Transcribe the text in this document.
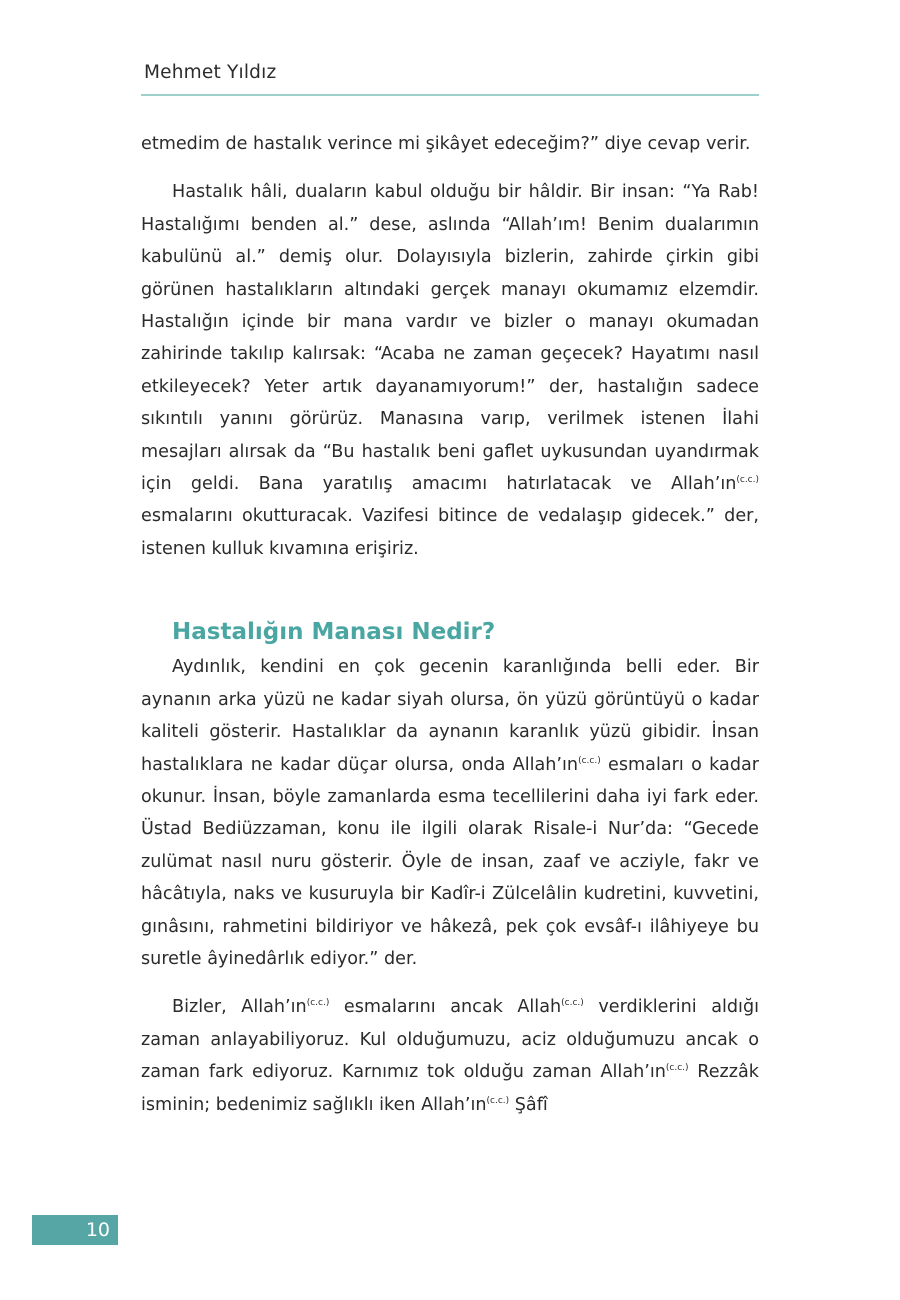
Mehmet Yıldız

etmedim de hastalık verince mi şikâyet edeceğim?” diye cevap verir.

Hastalık hâli, duaların kabul olduğu bir hâldir. Bir insan: “Ya Rab! Hastalığımı benden al.” dese, aslında “Allah’ım! Benim dualarımın kabulünü al.” demiş olur. Dolayısıyla bizlerin, zahirde çirkin gibi görünen hastalıkların altındaki gerçek manayı okumamız elzemdir. Hastalığın içinde bir mana vardır ve bizler o manayı okumadan zahirinde takılıp kalırsak: “Acaba ne zaman geçecek? Hayatımı nasıl etkileyecek? Yeter artık dayanamıyorum!” der, hastalığın sadece sıkıntılı yanını görürüz. Manasına varıp, verilmek istenen İlahi mesajları alırsak da “Bu hastalık beni gaflet uykusundan uyandırmak için geldi. Bana yaratılış amacımı hatırlatacak ve $Allah’ın^{(c.c.)}$ esmalarını okutturacak. Vazifesi bitince de vedalaşıp gidecek.” der, istenen kulluk kıvamına erişiriz.

Hastalığın Manası Nedir?

Aydınlık, kendini en çok gecenin karanlığında belli eder. Bir aynanın arka yüzü ne kadar siyah olursa, ön yüzü görüntüyü o kadar kaliteli gösterir. Hastalıklar da aynanın karanlık yüzü gibidir. İnsan hastalıklara ne kadar düçar olursa, onda $Allah’ın^{(c.c.)}$ esmaları o kadar okunur. İnsan, böyle zamanlarda esma tecellilerini daha iyi fark eder. Üstad Bediüzzaman, konu ile ilgili olarak Risale-i Nur’da: “Gecede zulümat nasıl nuru gösterir. Öyle de insan, zaaf ve acziyle, fakr ve hâcâtıyla, naks ve kusuruyla bir Kadîr-i Zülcelâlin kudretini, kuvvetini, gınâsını, rahmetini bildiriyor ve hâkezâ, pek çok evsâf-ı ilâhiyeye bu suretle âyinedârlık ediyor.” der.

Bizler, $Allah’ın^{(c.c.)}$ esmalarını ancak Allah$^{(c.c.)}$ verdiklerini aldığı zaman anlayabiliyoruz. Kul olduğumuzu, aciz olduğumuzu ancak o zaman fark ediyoruz. Karnımız tok olduğu zaman $Allah’ın^{(c.c.)}$ Rezzâk isminin; bedenimiz sağlıklı iken $Allah’ın^{(c.c.)}$ Şâfî

10
